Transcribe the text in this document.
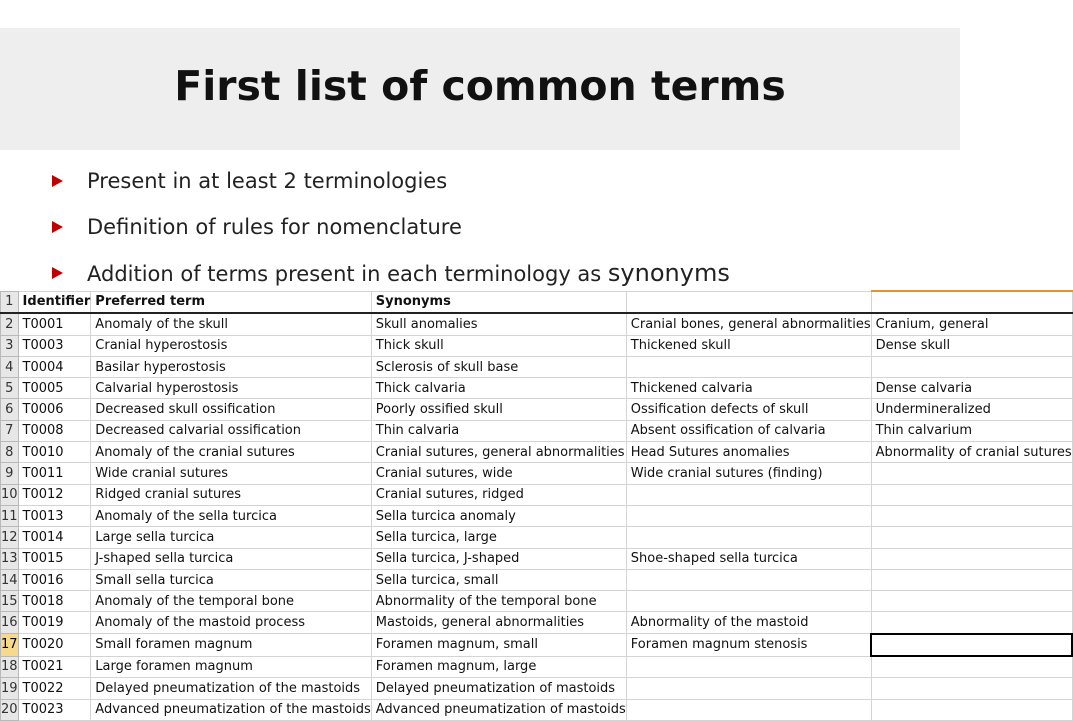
First list of common terms
Present in at least 2 terminologies
Definition of rules for nomenclature
Addition of terms present in each terminology as synonyms
1	Identifier	Preferred term	Synonyms		
2	T0001	Anomaly of the skull	Skull anomalies	Cranial bones, general abnormalities	Cranium, general
3	T0003	Cranial hyperostosis	Thick skull	Thickened skull	Dense skull
4	T0004	Basilar hyperostosis	Sclerosis of skull base		
5	T0005	Calvarial hyperostosis	Thick calvaria	Thickened calvaria	Dense calvaria
6	T0006	Decreased skull ossification	Poorly ossified skull	Ossification defects of skull	Undermineralized
7	T0008	Decreased calvarial ossification	Thin calvaria	Absent ossification of calvaria	Thin calvarium
8	T0010	Anomaly of the cranial sutures	Cranial sutures, general abnormalities	Head Sutures anomalies	Abnormality of cranial sutures
9	T0011	Wide cranial sutures	Cranial sutures, wide	Wide cranial sutures (finding)	
10	T0012	Ridged cranial sutures	Cranial sutures, ridged		
11	T0013	Anomaly of the sella turcica	Sella turcica anomaly		
12	T0014	Large sella turcica	Sella turcica, large		
13	T0015	J-shaped sella turcica	Sella turcica, J-shaped	Shoe-shaped sella turcica	
14	T0016	Small sella turcica	Sella turcica, small		
15	T0018	Anomaly of the temporal bone	Abnormality of the temporal bone		
16	T0019	Anomaly of the mastoid process	Mastoids, general abnormalities	Abnormality of the mastoid	
17	T0020	Small foramen magnum	Foramen magnum, small	Foramen magnum stenosis	
18	T0021	Large foramen magnum	Foramen magnum, large		
19	T0022	Delayed pneumatization of the mastoids	Delayed pneumatization of mastoids		
20	T0023	Advanced pneumatization of the mastoids	Advanced pneumatization of mastoids		
